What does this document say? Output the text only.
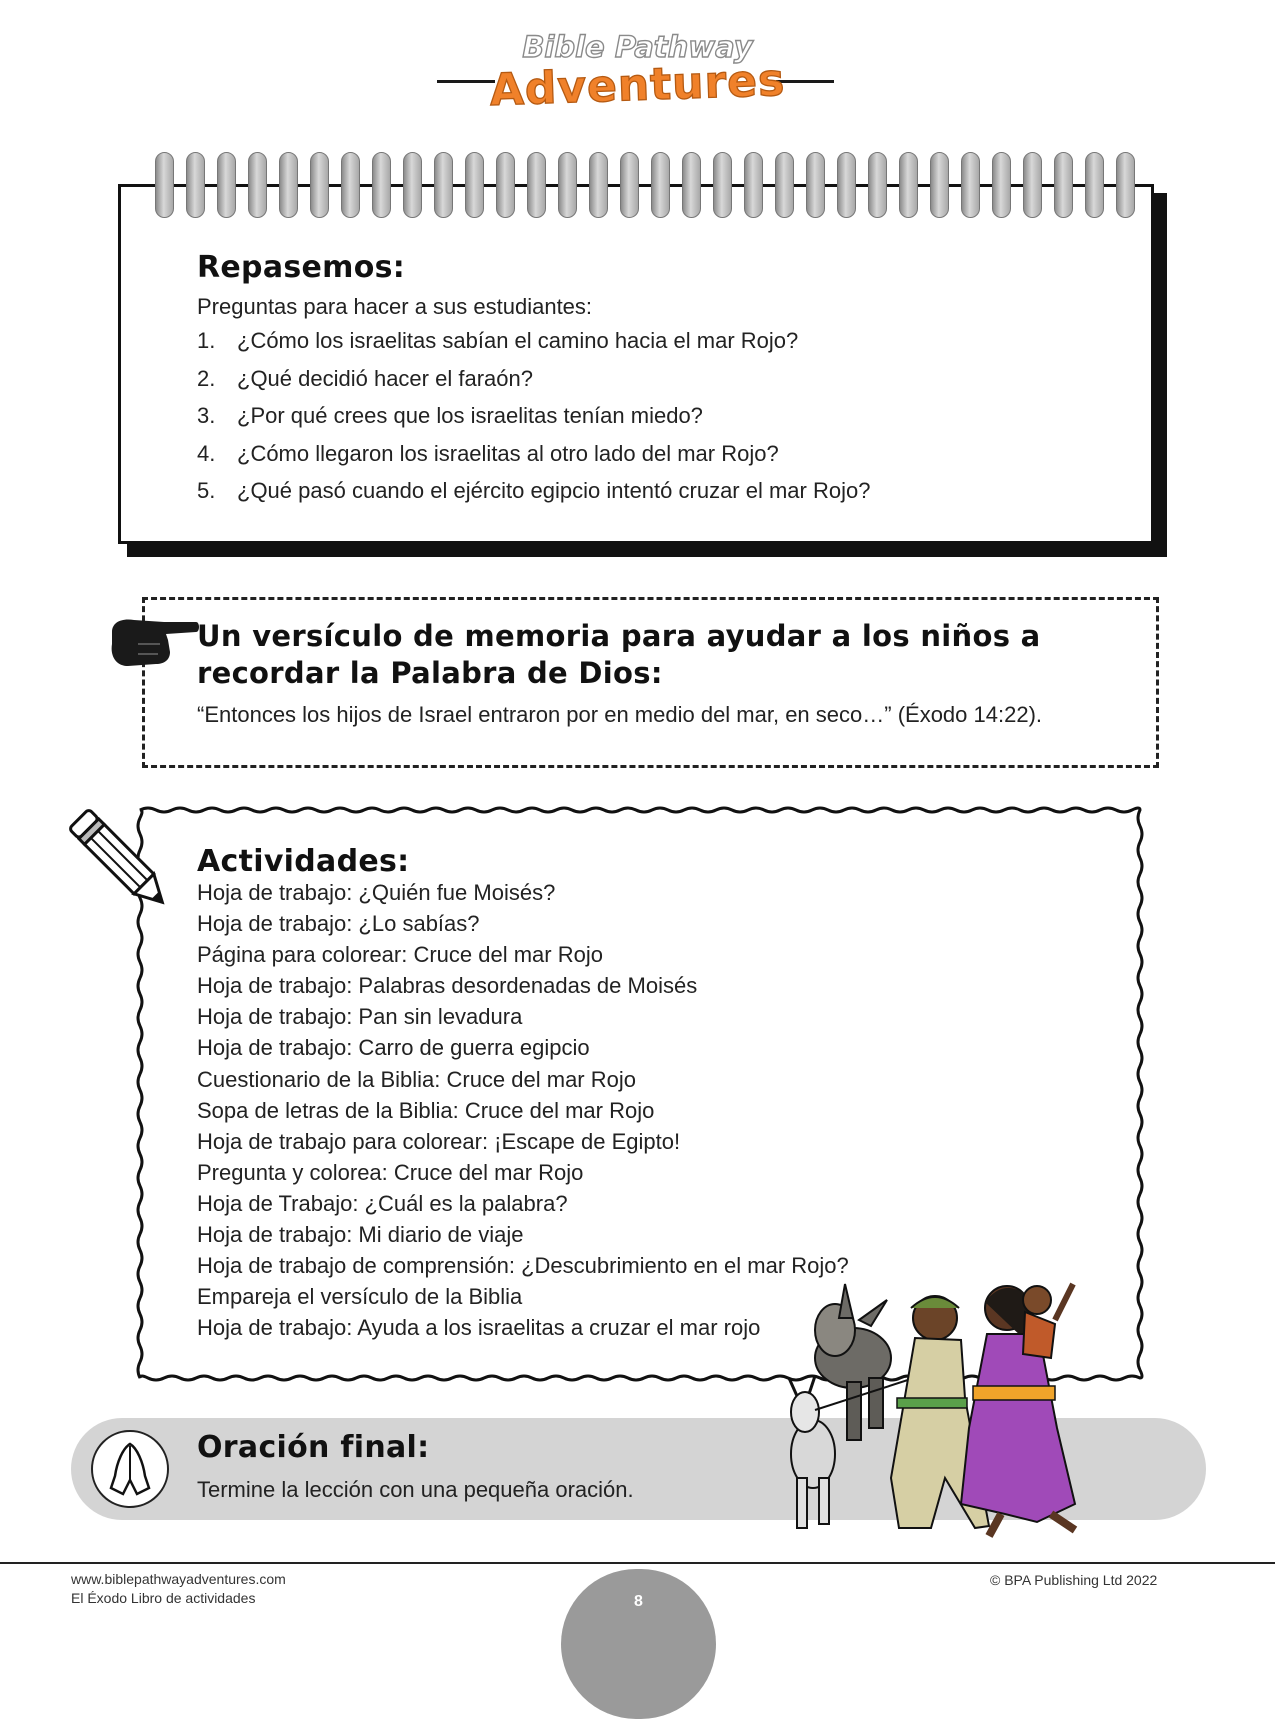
Bible Pathway
Adventures
Repasemos:
Preguntas para hacer a sus estudiantes:
1. ¿Cómo los israelitas sabían el camino hacia el mar Rojo?
2. ¿Qué decidió hacer el faraón?
3. ¿Por qué crees que los israelitas tenían miedo?
4. ¿Cómo llegaron los israelitas al otro lado del mar Rojo?
5. ¿Qué pasó cuando el ejército egipcio intentó cruzar el mar Rojo?
Un versículo de memoria para ayudar a los niños a
recordar la Palabra de Dios:
“Entonces los hijos de Israel entraron por en medio del mar, en seco…” (Éxodo 14:22).
Actividades:
Hoja de trabajo: ¿Quién fue Moisés?
Hoja de trabajo: ¿Lo sabías?
Página para colorear: Cruce del mar Rojo
Hoja de trabajo: Palabras desordenadas de Moisés
Hoja de trabajo: Pan sin levadura
Hoja de trabajo: Carro de guerra egipcio
Cuestionario de la Biblia: Cruce del mar Rojo
Sopa de letras de la Biblia: Cruce del mar Rojo
Hoja de trabajo para colorear: ¡Escape de Egipto!
Pregunta y colorea: Cruce del mar Rojo
Hoja de Trabajo: ¿Cuál es la palabra?
Hoja de trabajo: Mi diario de viaje
Hoja de trabajo de comprensión: ¿Descubrimiento en el mar Rojo?
Empareja el versículo de la Biblia
Hoja de trabajo: Ayuda a los israelitas a cruzar el mar rojo
Oración final:
Termine la lección con una pequeña oración.
www.biblepathwayadventures.com
El Éxodo Libro de actividades
© BPA Publishing Ltd 2022
8
